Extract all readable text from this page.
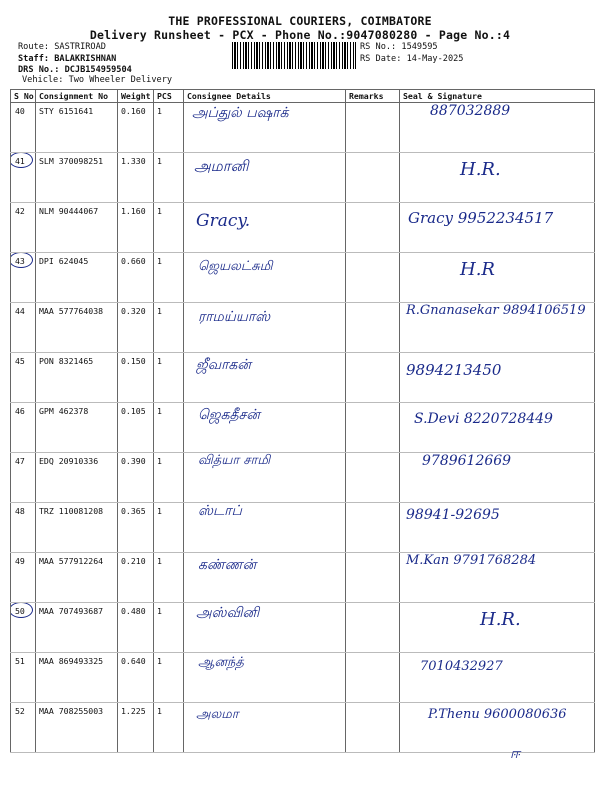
THE PROFESSIONAL COURIERS, COIMBATORE
Delivery Runsheet - PCX - Phone No.:9047080280 - Page No.:4
Route: SASTRIROAD
Staff: BALAKRISHNAN
DRS No.: DCJB154959504
Vehicle: Two Wheeler Delivery
RS No.: 1549595
RS Date: 14-May-2025
S No	Consignment No	Weight	PCS	Consignee Details	Remarks	Seal & Signature
40	STY 6151641	0.160	1	அப்துல் பஷாக்		887032889

41	SLM 370098251	1.330	1	அமானி		H.R.

42	NLM 90444067	1.160	1	Gracy.		Gracy 9952234517

43	DPI 624045	0.660	1	ஜெயலட்சுமி		H.R

44	MAA 577764038	0.320	1	ராமய்யாஸ்		R.Gnanasekar 9894106519

45	PON 8321465	0.150	1	ஜீவாகன்		9894213450

46	GPM 462378	0.105	1	ஜெகதீசன்		S.Devi 8220728449

47	EDQ 20910336	0.390	1	வித்யா சாமி		9789612669

48	TRZ 110081208	0.365	1	ஸ்டாப்		98941-92695

49	MAA 577912264	0.210	1	கண்ணன்		M.Kan 9791768284

50	MAA 707493687	0.480	1	அஸ்வினி		H.R.

51	MAA 869493325	0.640	1	ஆனந்த்		7010432927

52	MAA 708255003	1.225	1	அலமா		P.Thenu 9600080636
ஈ
